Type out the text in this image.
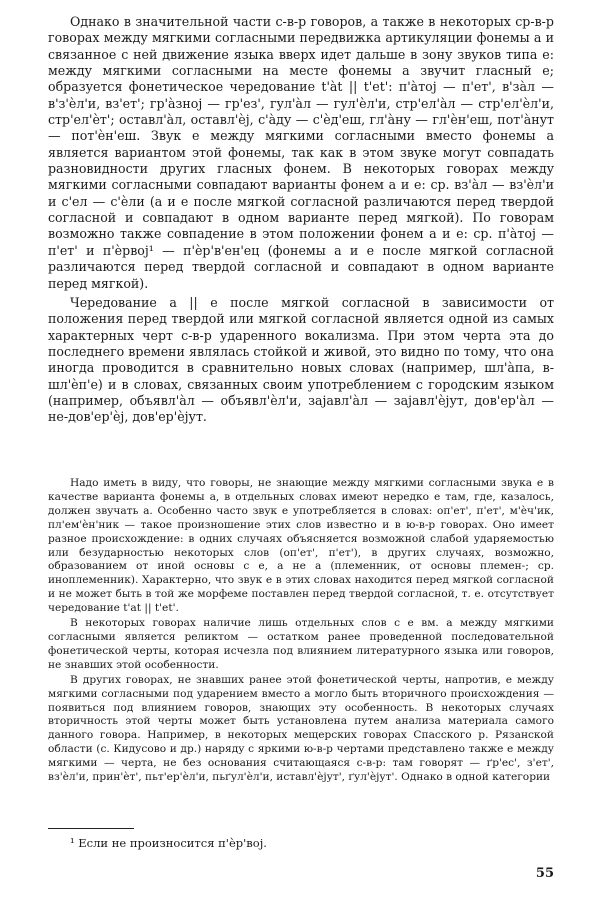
Однако в значительной части с-в-р говоров, а также в некоторых ср-в-р говорах между мягкими согласными передвижка артикуляции фонемы а и связанное с ней движение языка вверх идет дальше в зону звуков типа е: между мягкими согласными на месте фонемы а звучит гласный е; образуется фонетическое чередование t'àt || t'et': п'àтoj — п'ет', в'зàл — в'з'èл'и, вз'ет'; гр'àзнoj — гр'ез', гул'àл — гул'èл'и, стр'ел'àл — стр'ел'èл'и, стр'ел'èт'; оставл'àл, оставл'èj, с'àду — с'èд'еш, гл'àну — гл'èн'еш, пот'àнут — пот'èн'еш. Звук е между мягкими согласными вместо фонемы а является вариантом этой фонемы, так как в этом звуке могут совпадать разновидности других гласных фонем. В некоторых говорах между мягкими согласными совпадают варианты фонем а и е: ср. вз'àл — вз'èл'и и с'ел — с'èли (а и е после мягкой согласной различаются перед твердой согласной и совпадают в одном варианте перед мягкой). По говорам возможно также совпадение в этом положении фонем а и е: ср. п'àтoj — п'ет' и п'èрвoj¹ — п'èр'в'ен'ец (фонемы а и е после мягкой согласной различаются перед твердой согласной и совпадают в одном варианте перед мягкой).

Чередование а || е после мягкой согласной в зависимости от положения перед твердой или мягкой согласной является одной из самых характерных черт с-в-р ударенного вокализма. При этом черта эта до последнего времени являлась стойкой и живой, это видно по тому, что она иногда проводится в сравнительно новых словах (например, шл'àпа, в-шл'èп'е) и в словах, связанных своим употреблением с городским языком (например, объявл'àл — объявл'èл'и, зajавл'àл — зajавл'èjут, дов'ер'àл — не-дов'ер'èj, дов'ер'èjут.

Надо иметь в виду, что говоры, не знающие между мягкими согласными звука е в качестве варианта фонемы а, в отдельных словах имеют нередко е там, где, казалось, должен звучать а. Особенно часто звук е употребляется в словах: оп'ет', п'ет', м'èч'ик, пл'ем'èн'ник — такое произношение этих слов известно и в ю-в-р говорах. Оно имеет разное происхождение: в одних случаях объясняется возможной слабой ударяемостью или безударностью некоторых слов (оп'ет', п'ет'), в других случаях, возможно, образованием от иной основы с е, а не а (племенник, от основы племен-; ср. иноплеменник). Характерно, что звук е в этих словах находится перед мягкой согласной и не может быть в той же морфеме поставлен перед твердой согласной, т. е. отсутствует чередование t'at || t'et'.

В некоторых говорах наличие лишь отдельных слов с е вм. а между мягкими согласными является реликтом — остатком ранее проведенной последовательной фонетической черты, которая исчезла под влиянием литературного языка или говоров, не знавших этой особенности.

В других говорах, не знавших ранее этой фонетической черты, напротив, е между мягкими согласными под ударением вместо а могло быть вторичного происхождения — появиться под влиянием говоров, знающих эту особенность. В некоторых случаях вторичность этой черты может быть установлена путем анализа материала самого данного говора. Например, в некоторых мещерских говорах Спасского р. Рязанской области (с. Кидусово и др.) наряду с яркими ю-в-р чертами представлено также е между мягкими — черта, не без основания считающаяся с-в-р: там говорят — ґр'ес', з'ет', вз'èл'и, прин'èт', пьт'ер'èл'и, пьґул'èл'и, иставл'èjут', ґул'èjут'. Однако в одной категории

¹ Если не произносится п'èр'вoj.
55
